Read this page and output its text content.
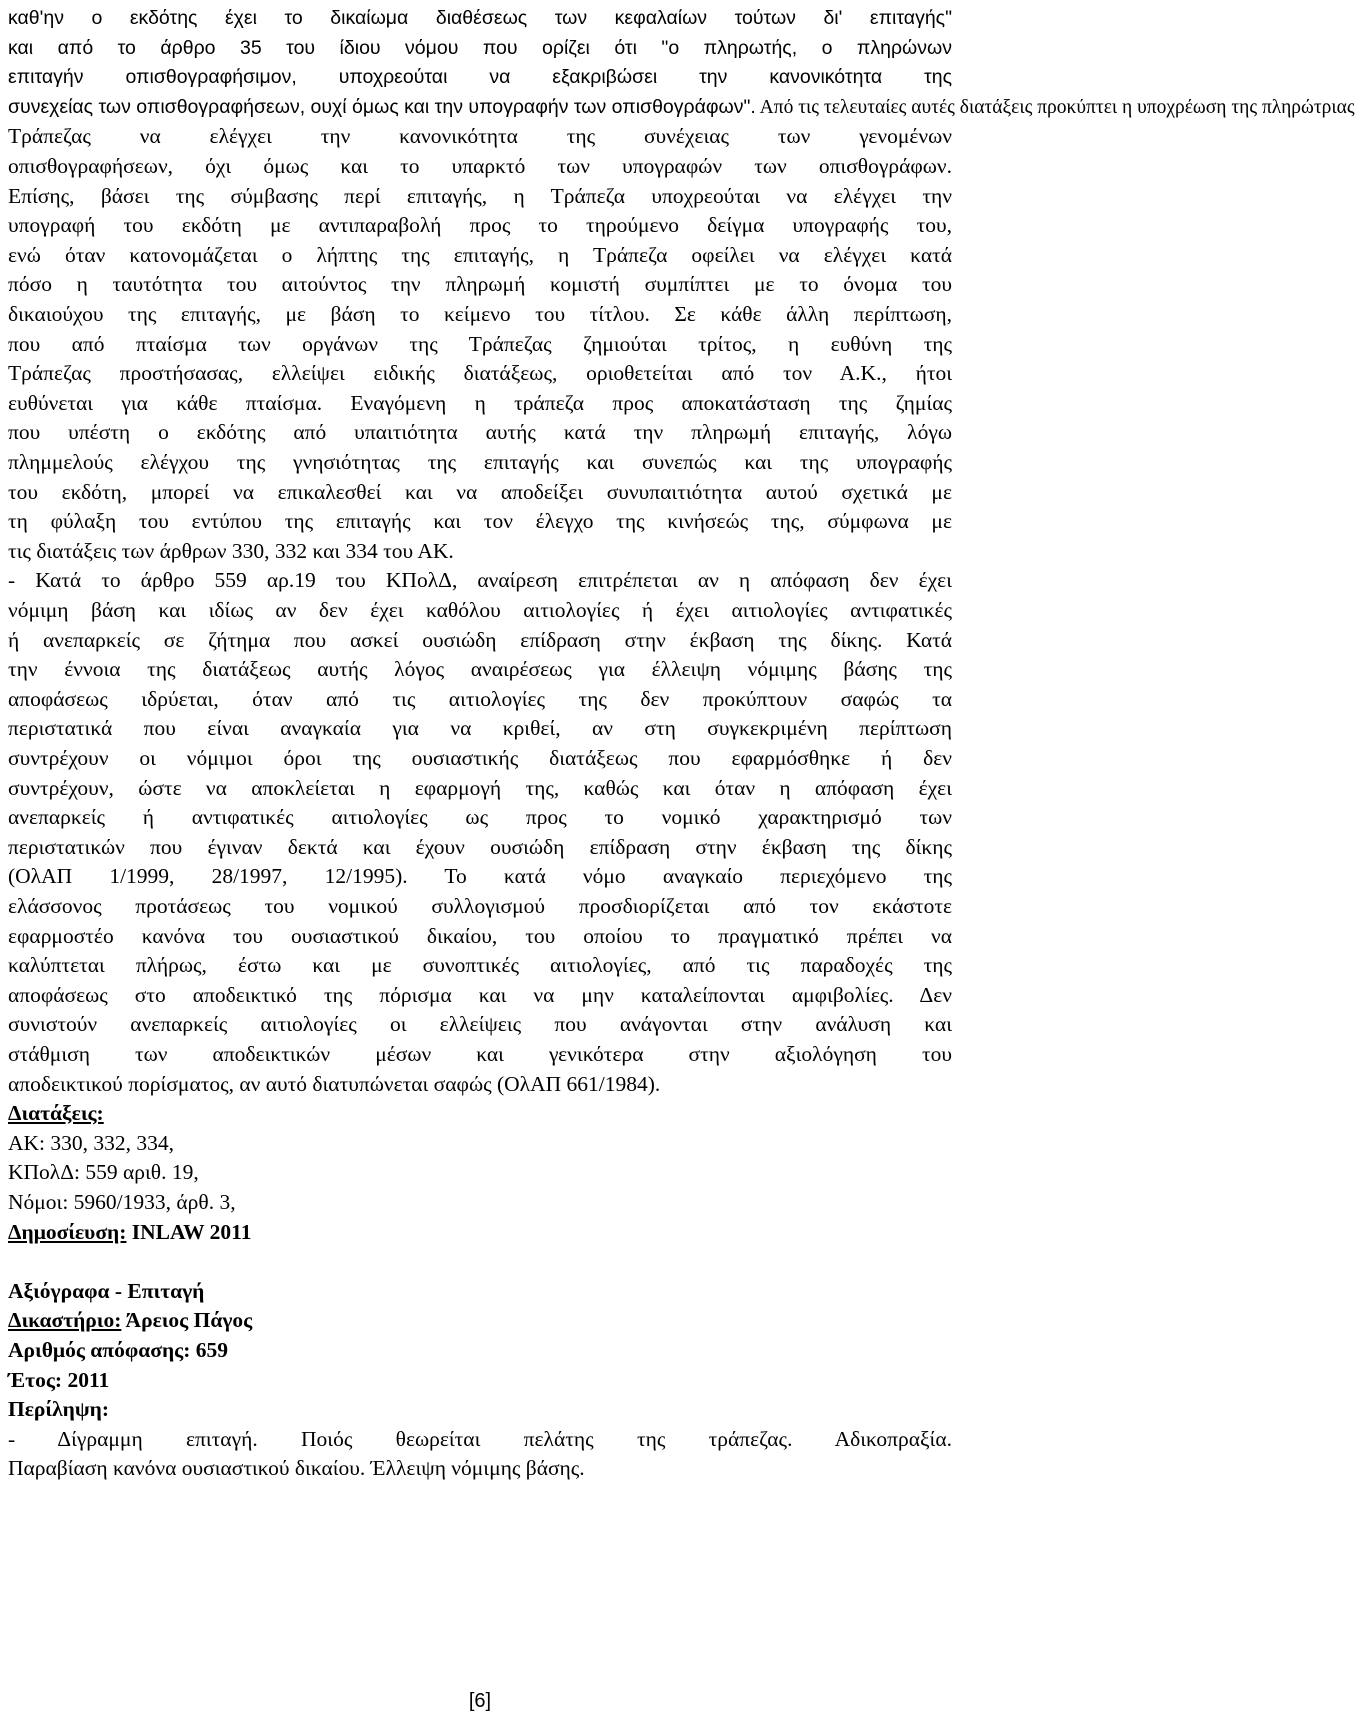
καθ'ην ο εκδότης έχει το δικαίωμα διαθέσεως των κεφαλαίων τούτων δι' επιταγής"
και από το άρθρο 35 του ίδιου νόμου που ορίζει ότι "ο πληρωτής, ο πληρώνων
επιταγήν οπισθογραφήσιμον, υποχρεούται να εξακριβώσει την κανονικότητα της
συνεχείας των οπισθογραφήσεων, ουχί όμως και την υπογραφήν των οπισθογράφων". Από τις τελευταίες αυτές διατάξεις προκύπτει η υποχρέωση της πληρώτριας
Τράπεζας να ελέγχει την κανονικότητα της συνέχειας των γενομένων
οπισθογραφήσεων, όχι όμως και το υπαρκτό των υπογραφών των οπισθογράφων.
Επίσης, βάσει της σύμβασης περί επιταγής, η Τράπεζα υποχρεούται να ελέγχει την
υπογραφή του εκδότη με αντιπαραβολή προς το τηρούμενο δείγμα υπογραφής του,
ενώ όταν κατονομάζεται ο λήπτης της επιταγής, η Τράπεζα οφείλει να ελέγχει κατά
πόσο η ταυτότητα του αιτούντος την πληρωμή κομιστή συμπίπτει με το όνομα του
δικαιούχου της επιταγής, με βάση το κείμενο του τίτλου. Σε κάθε άλλη περίπτωση,
που από πταίσμα των οργάνων της Τράπεζας ζημιούται τρίτος, η ευθύνη της
Τράπεζας προστήσασας, ελλείψει ειδικής διατάξεως, οριοθετείται από τον Α.Κ., ήτοι
ευθύνεται για κάθε πταίσμα. Εναγόμενη η τράπεζα προς αποκατάσταση της ζημίας
που υπέστη ο εκδότης από υπαιτιότητα αυτής κατά την πληρωμή επιταγής, λόγω
πλημμελούς ελέγχου της γνησιότητας της επιταγής και συνεπώς και της υπογραφής
του εκδότη, μπορεί να επικαλεσθεί και να αποδείξει συνυπαιτιότητα αυτού σχετικά με
τη φύλαξη του εντύπου της επιταγής και τον έλεγχο της κινήσεώς της, σύμφωνα με
τις διατάξεις των άρθρων 330, 332 και 334 του ΑΚ.
- Κατά το άρθρο 559 αρ.19 του ΚΠολΔ, αναίρεση επιτρέπεται αν η απόφαση δεν έχει
νόμιμη βάση και ιδίως αν δεν έχει καθόλου αιτιολογίες ή έχει αιτιολογίες αντιφατικές
ή ανεπαρκείς σε ζήτημα που ασκεί ουσιώδη επίδραση στην έκβαση της δίκης. Κατά
την έννοια της διατάξεως αυτής λόγος αναιρέσεως για έλλειψη νόμιμης βάσης της
αποφάσεως ιδρύεται, όταν από τις αιτιολογίες της δεν προκύπτουν σαφώς τα
περιστατικά που είναι αναγκαία για να κριθεί, αν στη συγκεκριμένη περίπτωση
συντρέχουν οι νόμιμοι όροι της ουσιαστικής διατάξεως που εφαρμόσθηκε ή δεν
συντρέχουν, ώστε να αποκλείεται η εφαρμογή της, καθώς και όταν η απόφαση έχει
ανεπαρκείς ή αντιφατικές αιτιολογίες ως προς το νομικό χαρακτηρισμό των
περιστατικών που έγιναν δεκτά και έχουν ουσιώδη επίδραση στην έκβαση της δίκης
(ΟλΑΠ 1/1999, 28/1997, 12/1995). Το κατά νόμο αναγκαίο περιεχόμενο της
ελάσσονος προτάσεως του νομικού συλλογισμού προσδιορίζεται από τον εκάστοτε
εφαρμοστέο κανόνα του ουσιαστικού δικαίου, του οποίου το πραγματικό πρέπει να
καλύπτεται πλήρως, έστω και με συνοπτικές αιτιολογίες, από τις παραδοχές της
αποφάσεως στο αποδεικτικό της πόρισμα και να μην καταλείπονται αμφιβολίες. Δεν
συνιστούν ανεπαρκείς αιτιολογίες οι ελλείψεις που ανάγονται στην ανάλυση και
στάθμιση των αποδεικτικών μέσων και γενικότερα στην αξιολόγηση του
αποδεικτικού πορίσματος, αν αυτό διατυπώνεται σαφώς (ΟλΑΠ 661/1984).
Διατάξεις:
ΑΚ: 330, 332, 334,
ΚΠολΔ: 559 αριθ. 19,
Νόμοι: 5960/1933, άρθ. 3,
Δημοσίευση: INLAW 2011
Αξιόγραφα - Επιταγή
Δικαστήριο: Άρειος Πάγος
Αριθμός απόφασης: 659
Έτος: 2011
Περίληψη:
- Δίγραμμη επιταγή. Ποιός θεωρείται πελάτης της τράπεζας. Αδικοπραξία.
Παραβίαση κανόνα ουσιαστικού δικαίου. Έλλειψη νόμιμης βάσης.
[6]
